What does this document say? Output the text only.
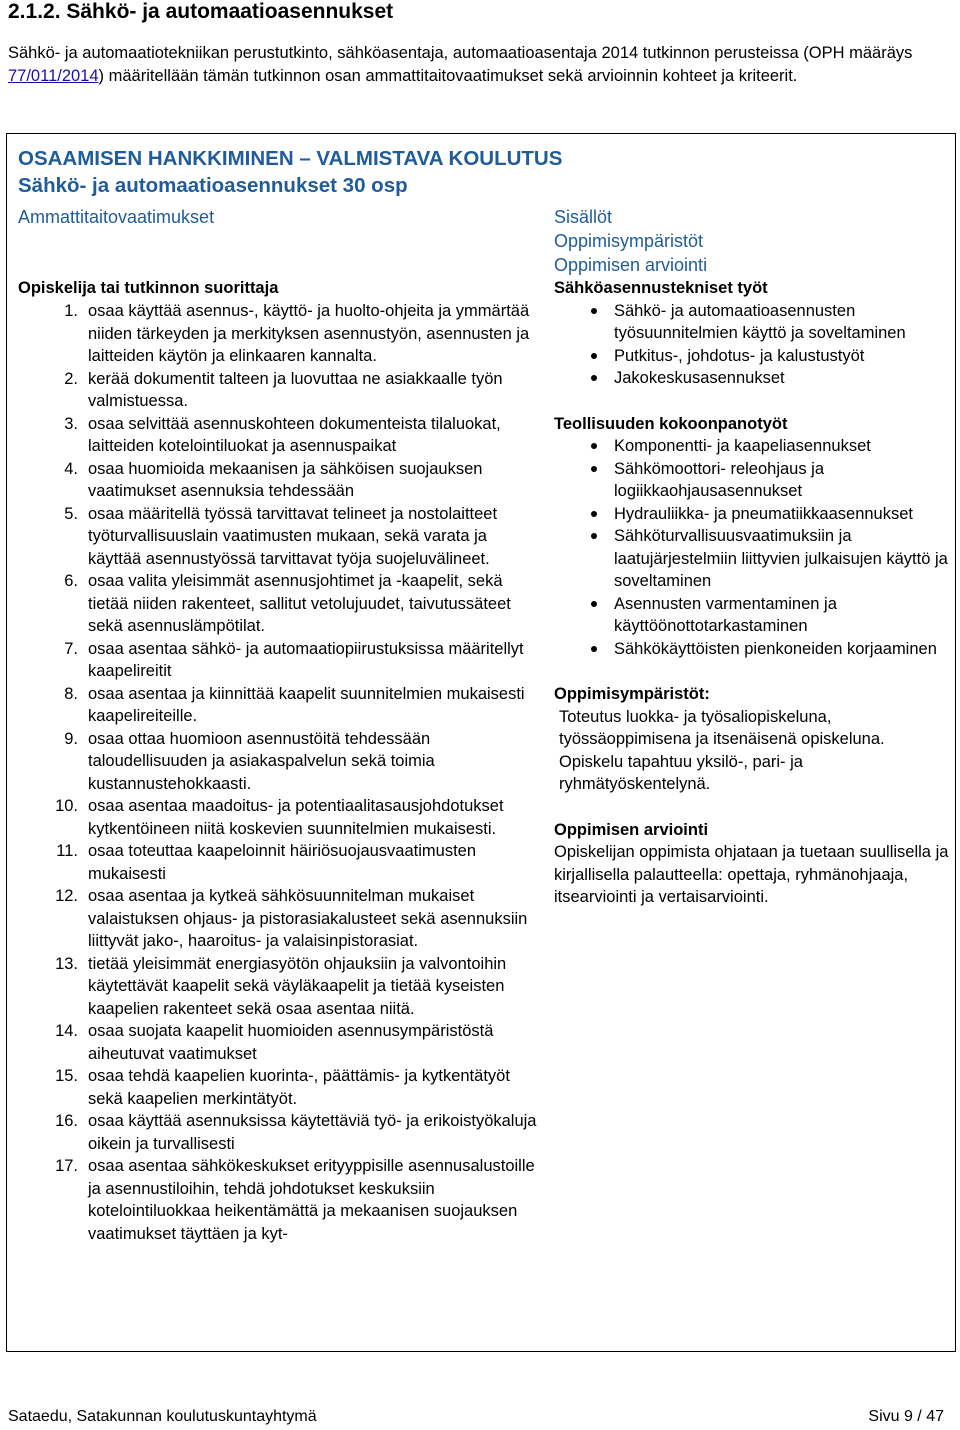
2.1.2. Sähkö- ja automaatioasennukset

Sähkö- ja automaatiotekniikan perustutkinto, sähköasentaja, automaatioasentaja 2014 tutkinnon perusteissa (OPH määräys 77/011/2014) määritellään tämän tutkinnon osan ammattitaitovaatimukset sekä arvioinnin kohteet ja kriteerit.

OSAAMISEN HANKKIMINEN – VALMISTAVA KOULUTUS
Sähkö- ja automaatioasennukset 30 osp
Ammattitaitovaatimukset	Sisällöt
Oppimisympäristöt
Oppimisen arviointi
Opiskelija tai tutkinnon suorittaja
1. osaa käyttää asennus-, käyttö- ja huolto-ohjeita ja ymmärtää niiden tärkeyden ja merkityksen asennustyön, asennusten ja laitteiden käytön ja elinkaaren kannalta.
2. kerää dokumentit talteen ja luovuttaa ne asiakkaalle työn valmistuessa.
3. osaa selvittää asennuskohteen dokumenteista tilaluokat, laitteiden kotelointiluokat ja asennuspaikat
4. osaa huomioida mekaanisen ja sähköisen suojauksen vaatimukset asennuksia tehdessään
5. osaa määritellä työssä tarvittavat telineet ja nostolaitteet työturvallisuuslain vaatimusten mukaan, sekä varata ja käyttää asennustyössä tarvittavat työja suojeluvälineet.
6. osaa valita yleisimmät asennusjohtimet ja -kaapelit, sekä tietää niiden rakenteet, sallitut vetolujuudet, taivutussäteet sekä asennuslämpötilat.
7. osaa asentaa sähkö- ja automaatiopiirustuksissa määritellyt kaapelireitit
8. osaa asentaa ja kiinnittää kaapelit suunnitelmien mukaisesti kaapelireiteille.
9. osaa ottaa huomioon asennustöitä tehdessään taloudellisuuden ja asiakaspalvelun sekä toimia kustannustehokkaasti.
10. osaa asentaa maadoitus- ja potentiaalitasausjohdotukset kytkentöineen niitä koskevien suunnitelmien mukaisesti.
11. osaa toteuttaa kaapeloinnit häiriösuojausvaatimusten mukaisesti
12. osaa asentaa ja kytkeä sähkösuunnitelman mukaiset valaistuksen ohjaus- ja pistorasiakalusteet sekä asennuksiin liittyvät jako-, haaroitus- ja valaisinpistorasiat.
13. tietää yleisimmät energiasyötön ohjauksiin ja valvontoihin käytettävät kaapelit sekä väyläkaapelit ja tietää kyseisten kaapelien rakenteet sekä osaa asentaa niitä.
14. osaa suojata kaapelit huomioiden asennusympäristöstä aiheutuvat vaatimukset
15. osaa tehdä kaapelien kuorinta-, päättämis- ja kytkentätyöt sekä kaapelien merkintätyöt.
16. osaa käyttää asennuksissa käytettäviä työ- ja erikoistyökaluja oikein ja turvallisesti
17. osaa asentaa sähkökeskukset erityyppisille asennusalustoille ja asennustiloihin, tehdä johdotukset keskuksiin kotelointiluokkaa heikentämättä ja mekaanisen suojauksen vaatimukset täyttäen ja kyt-
Sähköasennustekniset työt
Sähkö- ja automaatioasennusten työsuunnitelmien käyttö ja soveltaminen
Putkitus-, johdotus- ja kalustustyöt
Jakokeskusasennukset
Teollisuuden kokoonpanotyöt
Komponentti- ja kaapeliasennukset
Sähkömoottori- releohjaus ja logiikkaohjausasennukset
Hydrauliikka- ja pneumatiikkaasennukset
Sähköturvallisuusvaatimuksiin ja laatujärjestelmiin liittyvien julkaisujen käyttö ja soveltaminen
Asennusten varmentaminen ja käyttöönottotarkastaminen
Sähkökäyttöisten pienkoneiden korjaaminen
Oppimisympäristöt:

Toteutus luokka- ja työsaliopiskeluna, työssäoppimisena ja itsenäisenä opiskeluna. Opiskelu tapahtuu yksilö-, pari- ja ryhmätyöskentelynä.

Oppimisen arviointi

Opiskelijan oppimista ohjataan ja tuetaan suullisella ja kirjallisella palautteella: opettaja, ryhmänohjaaja, itsearviointi ja vertaisarviointi.

Sataedu, Satakunnan koulutuskuntayhtymä	Sivu 9 / 47
